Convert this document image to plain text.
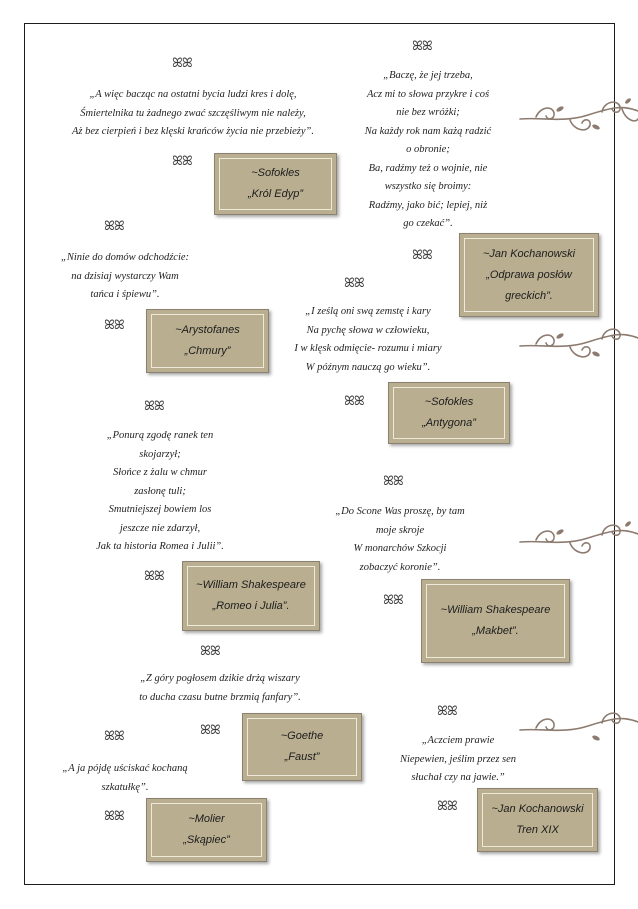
ꕤꕤ
ꕤꕤ
ꕤꕤ
ꕤꕤ
ꕤꕤ
ꕤꕤ
ꕤꕤ
ꕤꕤ
ꕤꕤ
ꕤꕤ
ꕤꕤ
ꕤꕤ
ꕤꕤ
ꕤꕤ
ꕤꕤ	ꕤꕤ
ꕤꕤ
ꕤꕤ
„A więc bacząc na ostatni bycia ludzi kres i dolę,
Śmiertelnika tu żadnego zwać szczęśliwym nie należy,
Aż bez cierpień i bez klęski krańców życia nie przebieży”.
„Baczę, że jej trzeba,
Acz mi to słowa przykre i coś
nie bez wróżki;
Na każdy rok nam każą radzić
o obronie;
Ba, radźmy też o wojnie, nie
wszystko się broimy:
Radźmy, jako bić; lepiej, niż
go czekać”.
„Ninie do domów odchodźcie:
na dzisiaj wystarczy Wam
tańca i śpiewu”.
„I ześlą oni swą zemstę i kary
Na pychę słowa w człowieku,
I w klęsk odmięcie- rozumu i miary
W późnym nauczą go wieku”.
„Ponurą zgodę ranek ten
skojarzył;
Słońce z żalu w chmur
zasłonę tuli;
Smutniejszej bowiem los
jeszcze nie zdarzył,
Jak ta historia Romea i Julii”.
„Do Scone Was proszę, by tam
moje skroje
W monarchów Szkocji
zobaczyć koronie”.
„Z góry pogłosem dzikie drżą wiszary
to ducha czasu butne brzmią fanfary”.
„A ja pójdę uściskać kochaną
szkatułkę”.
„Aczciem prawie
Niepewien, jeślim przez sen
słuchał czy na jawie.”
~Sofokles
„Król Edyp”
~Jan Kochanowski
„Odprawa posłów
greckich”.
~Arystofanes
„Chmury”
~Sofokles
„Antygona”
~William Shakespeare
„Romeo i Julia”.	~William Shakespeare
„Makbet”.
~Goethe
„Faust”
~Molier
„Skąpiec”
~Jan Kochanowski
Tren XIX
